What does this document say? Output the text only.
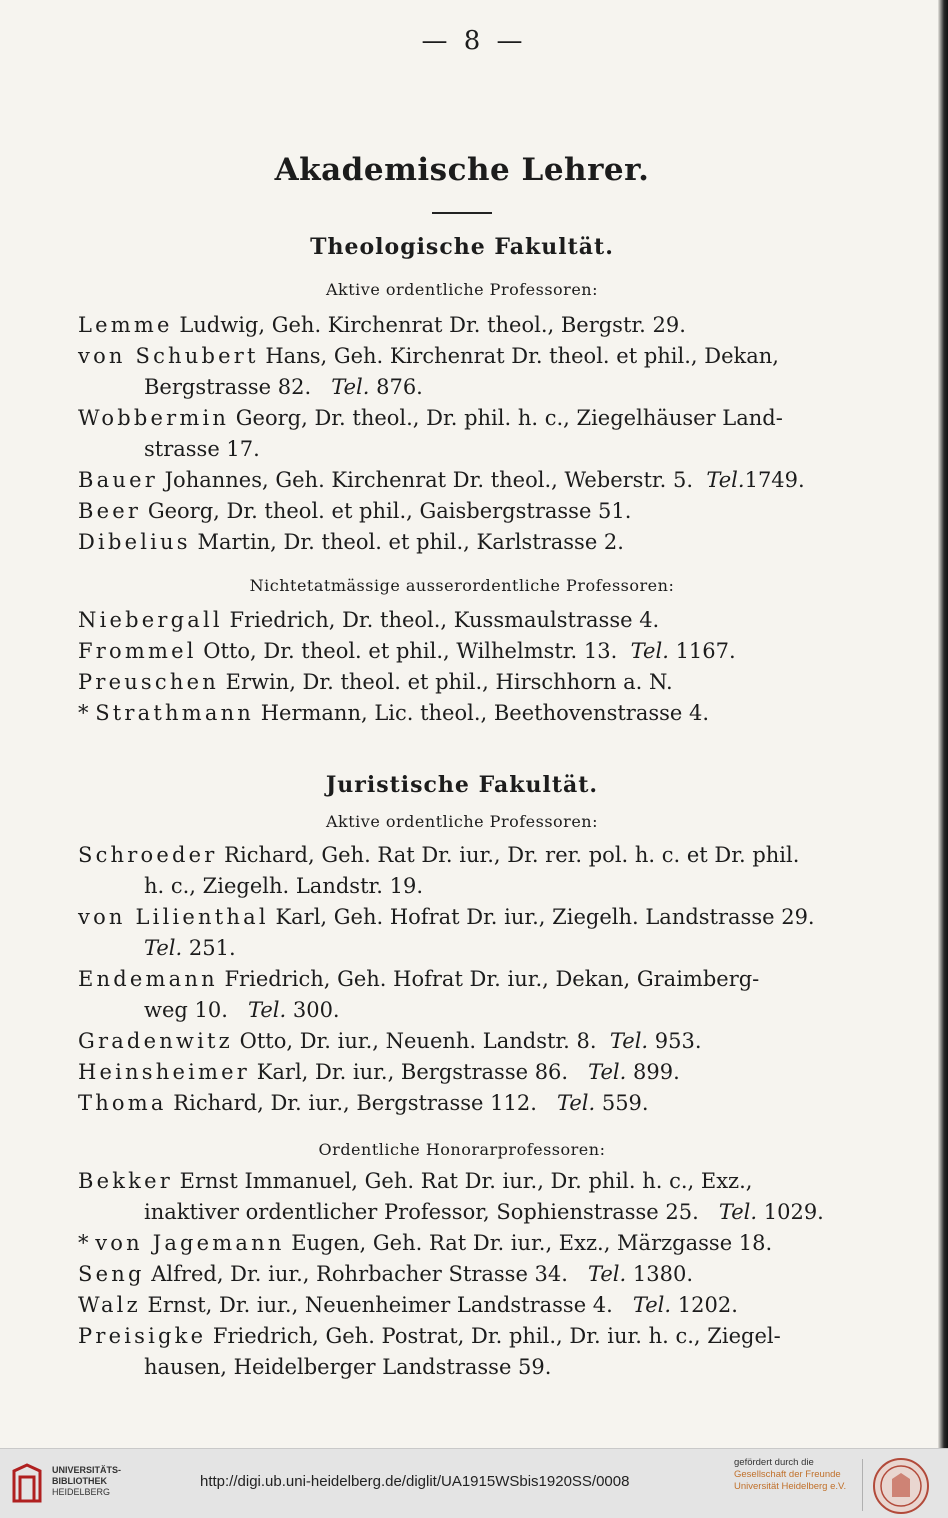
— 8 —
Akademische Lehrer.
Theologische Fakultät.
Aktive ordentliche Professoren:
Lemme Ludwig, Geh. Kirchenrat Dr. theol., Bergstr. 29.
von Schubert Hans, Geh. Kirchenrat Dr. theol. et phil., Dekan,
Bergstrasse 82. Tel. 876.
Wobbermin Georg, Dr. theol., Dr. phil. h. c., Ziegelhäuser Land-
strasse 17.
Bauer Johannes, Geh. Kirchenrat Dr. theol., Weberstr. 5. Tel.1749.
Beer Georg, Dr. theol. et phil., Gaisbergstrasse 51.
Dibelius Martin, Dr. theol. et phil., Karlstrasse 2.
Nichtetatmässige ausserordentliche Professoren:
Niebergall Friedrich, Dr. theol., Kussmaulstrasse 4.
Frommel Otto, Dr. theol. et phil., Wilhelmstr. 13. Tel. 1167.
Preuschen Erwin, Dr. theol. et phil., Hirschhorn a. N.
* Strathmann Hermann, Lic. theol., Beethovenstrasse 4.
Juristische Fakultät.
Aktive ordentliche Professoren:
Schroeder Richard, Geh. Rat Dr. iur., Dr. rer. pol. h. c. et Dr. phil.
h. c., Ziegelh. Landstr. 19.
von Lilienthal Karl, Geh. Hofrat Dr. iur., Ziegelh. Landstrasse 29.
Tel. 251.
Endemann Friedrich, Geh. Hofrat Dr. iur., Dekan, Graimberg-
weg 10. Tel. 300.
Gradenwitz Otto, Dr. iur., Neuenh. Landstr. 8. Tel. 953.
Heinsheimer Karl, Dr. iur., Bergstrasse 86. Tel. 899.
Thoma Richard, Dr. iur., Bergstrasse 112. Tel. 559.
Ordentliche Honorarprofessoren:
Bekker Ernst Immanuel, Geh. Rat Dr. iur., Dr. phil. h. c., Exz.,
inaktiver ordentlicher Professor, Sophienstrasse 25. Tel. 1029.
* von Jagemann Eugen, Geh. Rat Dr. iur., Exz., Märzgasse 18.
Seng Alfred, Dr. iur., Rohrbacher Strasse 34. Tel. 1380.
Walz Ernst, Dr. iur., Neuenheimer Landstrasse 4. Tel. 1202.
Preisigke Friedrich, Geh. Postrat, Dr. phil., Dr. iur. h. c., Ziegel-
hausen, Heidelberger Landstrasse 59.
UNIVERSITÄTS-
BIBLIOTHEK
HEIDELBERG
http://digi.ub.uni-heidelberg.de/diglit/UA1915WSbis1920SS/0008
gefördert durch die
Gesellschaft der Freunde
Universität Heidelberg e.V.
